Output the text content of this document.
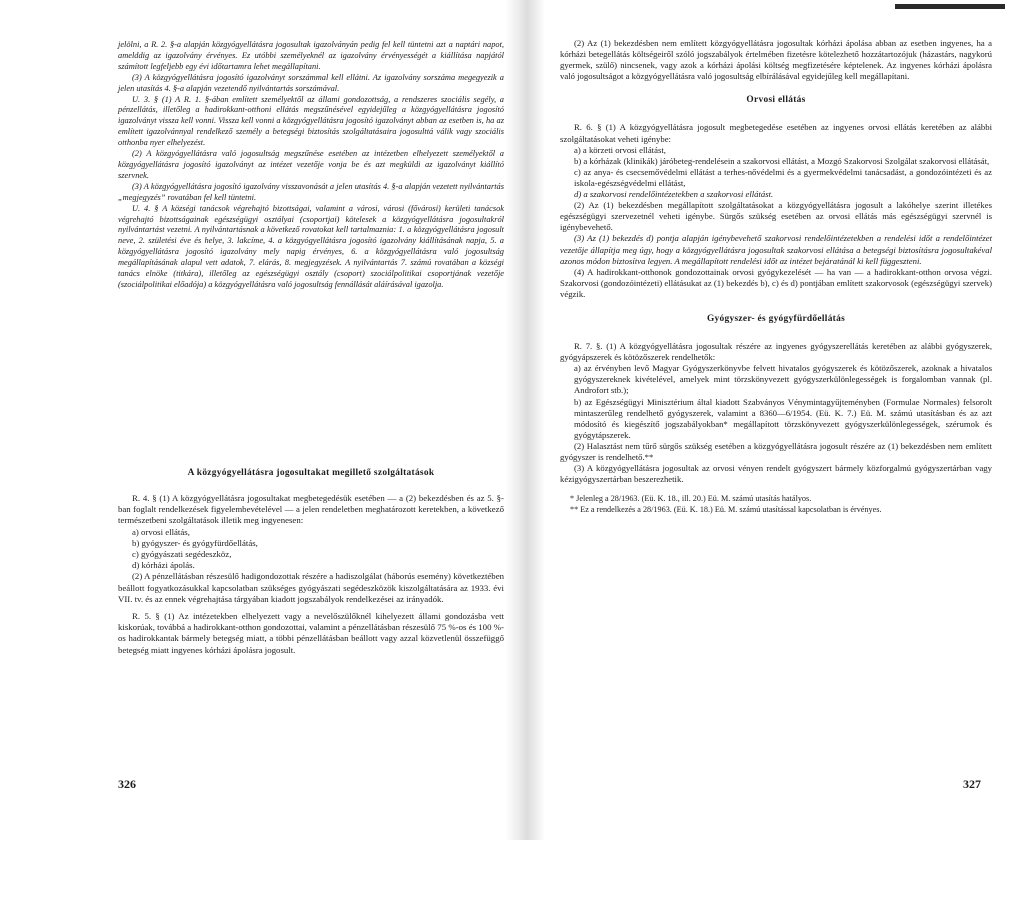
jelölni, a R. 2. §-a alapján közgyógyellátásra jogosultak igazolványán pedig fel kell tüntetni azt a naptári napot, amelddig az igazolvány érvényes. Ez utóbbi személyeknél az igazolvány érvényességét a kiállítása napjától számított legfeljebb egy évi időtartamra lehet megállapítani.

(3) A közgyógyellátásra jogosító igazolványt sorszámmal kell ellátni. Az igazolvány sorszáma megegyezik a jelen utasítás 4. §-a alapján vezetendő nyilvántartás sorszámával.

U. 3. § (1) A R. 1. §-ában említett személyektől az állami gondozottság, a rendszeres szociális segély, a pénzellátás, illetőleg a hadirokkant-otthoni ellátás megszűnésével egyidejűleg a közgyógyellátásra jogosító igazolványt vissza kell vonni. Vissza kell vonni a közgyógyellátásra jogosító igazolványt abban az esetben is, ha az említett igazolvánnyal rendelkező személy a betegségi biztosítás szolgáltatásaira jogosulttá válik vagy szociális otthonba nyer elhelyezést.

(2) A közgyógyellátásra való jogosultság megszűnése esetében az intézetben elhelyezett személyektől a közgyógyellátásra jogosító igazolványt az intézet vezetője vonja be és azt megküldi az igazolványt kiállító szervnek.

(3) A közgyógyellátásra jogosító igazolvány visszavonását a jelen utasítás 4. §-a alapján vezetett nyilvántartás „megjegyzés” rovatában fel kell tüntetni.

U. 4. § A községi tanácsok végrehajtó bizottságai, valamint a városi, városi (fővárosi) kerületi tanácsok végrehajtó bizottságainak egészségügyi osztályai (csoportjai) kötelesek a közgyógyellátásra jogosultakról nyilvántartást vezetni. A nyilvántartásnak a következő rovatokat kell tartalmaznia: 1. a közgyógyellátásra jogosult neve, 2. születési éve és helye, 3. lakcíme, 4. a közgyógyellátásra jogosító igazolvány kiállításának napja, 5. a közgyógyellátásra jogosító igazolvány mely napig érvényes, 6. a közgyógyellátásra való jogosultság megállapításának alapul vett adatok, 7. elárás, 8. megjegyzések. A nyilvántartás 7. számú rovatában a községi tanács elnöke (titkára), illetőleg az egészségügyi osztály (csoport) szociálpolitikai csoportjának vezetője (szociálpolitikai előadója) a közgyógyellátásra való jogosultság fennállását aláírásával igazolja.

A közgyógyellátásra jogosultakat megillető szolgáltatások

R. 4. § (1) A közgyógyellátásra jogosultakat megbetegedésük esetében — a (2) bekezdésben és az 5. §-ban foglalt rendelkezések figyelembevételével — a jelen rendeletben meghatározott keretekben, a következő természetbeni szolgáltatások illetik meg ingyenesen:

a) orvosi ellátás,

b) gyógyszer- és gyógyfürdőellátás,

c) gyógyászati segédeszköz,

d) kórházi ápolás.

(2) A pénzellátásban részesülő hadigondozottak részére a hadiszolgálat (háborús esemény) következtében beállott fogyatkozásukkal kapcsolatban szükséges gyógyászati segédeszközök kiszolgáltatására az 1933. évi VII. tv. és az ennek végrehajtása tárgyában kiadott jogszabályok rendelkezései az irányadók.

R. 5. § (1) Az intézetekben elhelyezett vagy a nevelőszülőknél kihelyezett állami gondozásba vett kiskorúak, továbbá a hadirokkant-otthon gondozottai, valamint a pénzellátásban részesülő 75 %-os és 100 %-os hadirokkantak bármely betegség miatt, a többi pénzellátásban beállott vagy azzal közvetlenül összefüggő betegség miatt ingyenes kórházi ápolásra jogosult.

326

(2) Az (1) bekezdésben nem említett közgyógyellátásra jogosultak kórházi ápolása abban az esetben ingyenes, ha a kórházi betegellátás költségeiről szóló jogszabályok értelmében fizetésre kötelezhető hozzátartozójuk (házastárs, nagykorú gyermek, szülő) nincsenek, vagy azok a kórházi ápolási költség megfizetésére képtelenek. Az ingyenes kórházi ápolásra való jogosultságot a közgyógyellátásra való jogosultság elbírálásával egyidejűleg kell megállapítani.

Orvosi ellátás

R. 6. § (1) A közgyógyellátásra jogosult megbetegedése esetében az ingyenes orvosi ellátás keretében az alábbi szolgáltatásokat veheti igénybe:

a) a körzeti orvosi ellátást,

b) a kórházak (klinikák) járóbeteg-rendelésein a szakorvosi ellátást, a Mozgó Szakorvosi Szolgálat szakorvosi ellátását,

c) az anya- és csecsemővédelmi ellátást a terhes-nővédelmi és a gyermekvédelmi tanácsadást, a gondozóintézeti és az iskola-egészségvédelmi ellátást,

d) a szakorvosi rendelőintézetekben a szakorvosi ellátást.

(2) Az (1) bekezdésben megállapított szolgáltatásokat a közgyógyellátásra jogosult a lakóhelye szerint illetékes egészségügyi szervezetnél veheti igénybe. Sürgős szükség esetében az orvosi ellátás más egészségügyi szervnél is igénybevehető.

(3) Az (1) bekezdés d) pontja alapján igénybevehető szakorvosi rendelőintézetekben a rendelési időt a rendelőintézet vezetője állapítja meg úgy, hogy a közgyógyellátásra jogosultak szakorvosi ellátása a betegségi biztosításra jogosultakéval azonos módon biztosítva legyen. A megállapított rendelési időt az intézet bejáratánál ki kell függeszteni.

(4) A hadirokkant-otthonok gondozottainak orvosi gyógykezelését — ha van — a hadirokkant-otthon orvosa végzi. Szakorvosi (gondozóintézeti) ellátásukat az (1) bekezdés b), c) és d) pontjában említett szakorvosok (egészségügyi szervek) végzik.

Gyógyszer- és gyógyfürdőellátás

R. 7. §. (1) A közgyógyellátásra jogosultak részére az ingyenes gyógyszerellátás keretében az alábbi gyógyszerek, gyógyápszerek és kötözőszerek rendelhetők:

a) az érvényben levő Magyar Gyógyszerkönyvbe felvett hivatalos gyógyszerek és kötözőszerek, azoknak a hivatalos gyógyszereknek kivételével, amelyek mint törzskönyvezett gyógyszerkülönlegességek is forgalomban vannak (pl. Androfort stb.);

b) az Egészségügyi Minisztérium által kiadott Szabványos Vénymintagyűjteményben (Formulae Normales) felsorolt mintaszerűleg rendelhető gyógyszerek, valamint a 8360—6/1954. (Eü. K. 7.) Eü. M. számú utasításban és az azt módosító és kiegészítő jogszabályokban* megállapított törzskönyvezett gyógyszerkülönlegességek, szérumok és gyógytápszerek.

(2) Halasztást nem tűrő sürgős szükség esetében a közgyógyellátásra jogosult részére az (1) bekezdésben nem említett gyógyszer is rendelhető.**

(3) A közgyógyellátásra jogosultak az orvosi vényen rendelt gyógyszert bármely közforgalmú gyógyszertárban vagy kézigyógyszertárban beszerezhetik.

* Jelenleg a 28/1963. (Eü. K. 18., ill. 20.) Eü. M. számú utasítás hatályos.

** Ez a rendelkezés a 28/1963. (Eü. K. 18.) Eü. M. számú utasítással kapcsolatban is érvényes.

327
